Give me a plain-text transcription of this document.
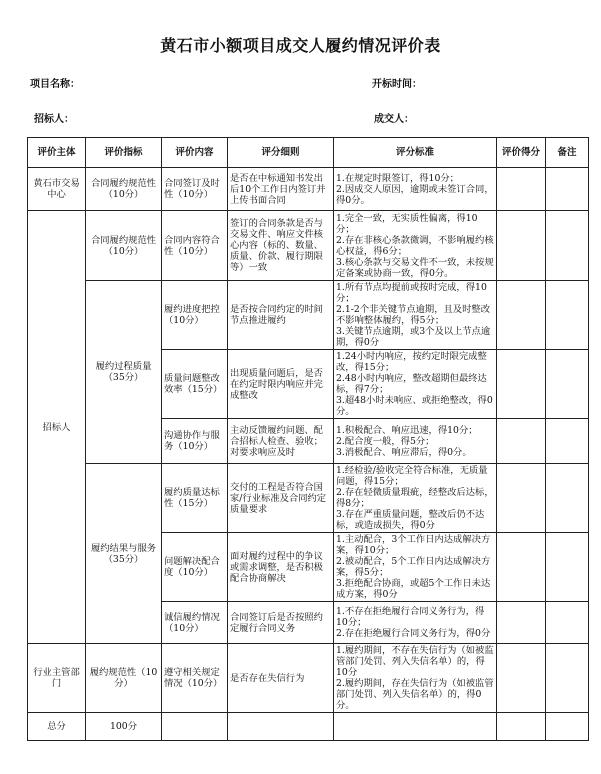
黄石市小额项目成交人履约情况评价表
项目名称：	开标时间：
招标人：	成交人：
评价主体	评价指标	评价内容	评分细则	评分标准	评价得分	备注
黄石市交易中心	合同履约规范性（10分）	合同签订及时性（10分）	是否在中标通知书发出后10个工作日内签订并上传书面合同	1.在规定时限签订，得10分；
2.因成交人原因，逾期或未签订合同，得0分。		
招标人	合同履约规范性（10分）	合同内容符合性（10分）	签订的合同条款是否与交易文件、响应文件核心内容（标的、数量、质量、价款、履行期限等）一致	1.完全一致，无实质性偏离，得10分；
2.存在非核心条款微调，不影响履约核心权益，得6分；
3.核心条款与交易文件不一致，未按规定备案或协商一致，得0分。		
	履约过程质量（35分）	履约进度把控（10分）	是否按合同约定的时间节点推进履约	1.所有节点均提前或按时完成，得10分；
2.1-2个非关键节点逾期，且及时整改不影响整体履约，得5分；
3.关键节点逾期，或3个及以上节点逾期，得0分		
		质量问题整改效率（15分）	出现质量问题后，是否在约定时限内响应并完成整改	1.24小时内响应，按约定时限完成整改，得15分；
2.48小时内响应，整改超期但最终达标，得7分；
3.超48小时未响应、或拒绝整改，得0分。		
		沟通协作与服务（10分）	主动反馈履约问题、配合招标人检查、验收；对要求响应及时	1.积极配合、响应迅速，得10分；
2.配合度一般，得5分；
3.消极配合、响应滞后，得0分。		
	履约结果与服务（35分）	履约质量达标性（15分）	交付的工程是否符合国家/行业标准及合同约定质量要求	1.经检验/验收完全符合标准，无质量问题，得15分；
2.存在轻微质量瑕疵，经整改后达标，得8分；
3.存在严重质量问题，整改后仍不达标，或造成损失，得0分		
		问题解决配合度（10分）	面对履约过程中的争议或需求调整，是否积极配合协商解决	1.主动配合，3个工作日内达成解决方案，得10分；
2.被动配合，5个工作日内达成解决方案，得5分；
3.拒绝配合协商，或超5个工作日未达成方案，得0分		
		诚信履约情况（10分）	合同签订后是否按照约定履行合同义务	1.不存在拒绝履行合同义务行为，得10分；
2.存在拒绝履行合同义务行为，得0分		
行业主管部门	履约规范性（10分）	遵守相关规定情况（10分）	是否存在失信行为	1.履约期间，不存在失信行为（如被监管部门处罚、列入失信名单）的，得10分
2.履约期间，存在失信行为（如被监管部门处罚、列入失信名单）的，得0分。		
总分	100分					
